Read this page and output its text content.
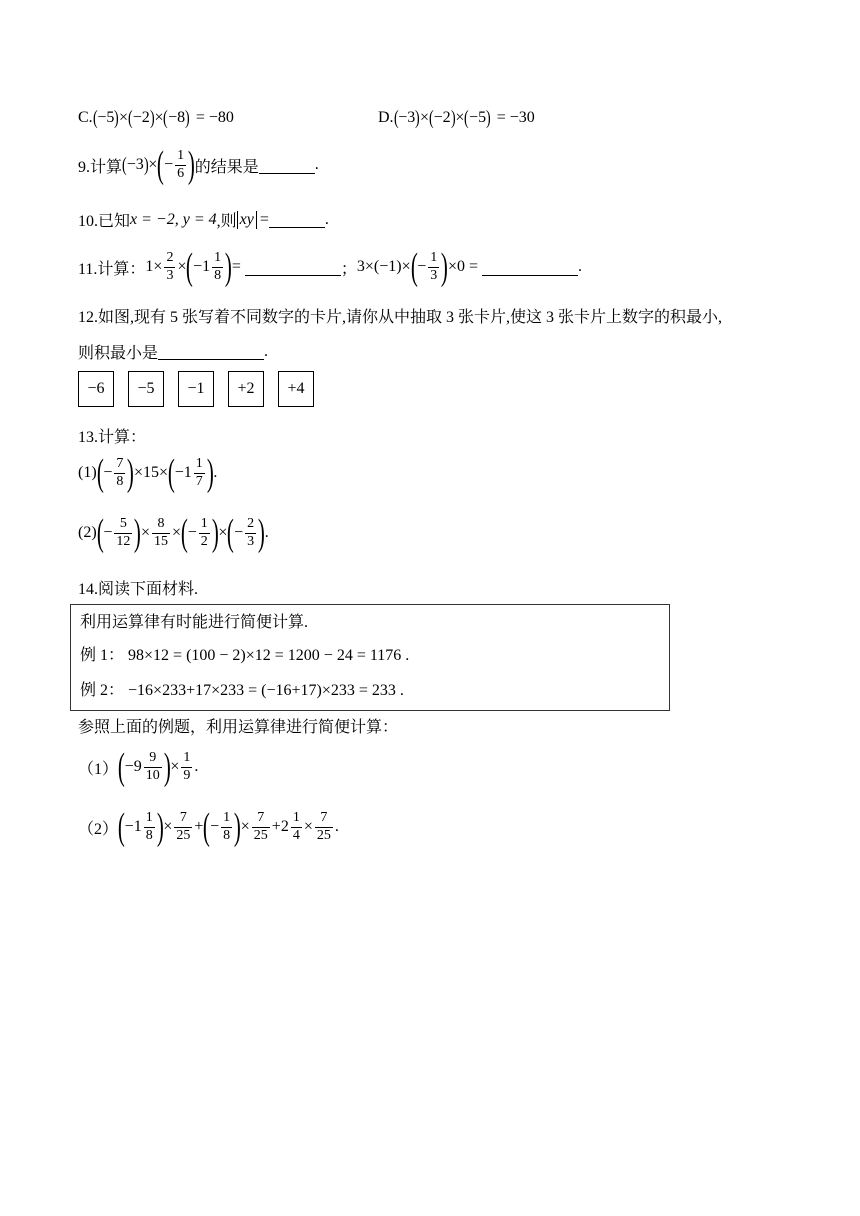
C. ( −5 ) × ( −2 ) × ( −8 ) = −80	D. ( −3 ) × ( −2 ) × ( −5 ) = −30
9.计算 ( −3 ) × ( − $\frac{1}{6}$ ) 的结果是	.
10.已知 x = −2, y = 4 ,则 xy =	.
11.计算： $1\times \frac{2}{3}$ × ( $-1 \frac{1}{8}$ ) =	； 3×(−1)× ( − $\frac{1}{3}$ ) ×0 =	.
12.如图,现有 5 张写着不同数字的卡片,请你从中抽取 3 张卡片,使这 3 张卡片上数字的积最小,
则积最小是	.
−6	−5	−1	+2	+4
13.计算：
(1) ( − $\frac{7}{8}$ ) ×15× ( $-1 \frac{1}{7}$ ) .
(2) ( − $\frac{5}{12}$ ) × $\frac{8}{15}$ × ( − $\frac{1}{2}$ ) × ( − $\frac{2}{3}$ ) .
14.阅读下面材料.
利用运算律有时能进行简便计算.
例 1： 98×12 = (100 − 2)×12 = 1200 − 24 = 1176 .
例 2： −16×233+17×233 = (−16+17)×233 = 233 .
参照上面的例题，利用运算律进行简便计算：
（1） ( $-9 \frac{9}{10}$ ) × $\frac{1}{9}$ .
（2） ( $-1 \frac{1}{8}$ ) × $\frac{7}{25}$ + ( − $\frac{1}{8}$ ) × $\frac{7}{25} + 2 \frac{1}{4} \times \frac{7}{25}$ .
